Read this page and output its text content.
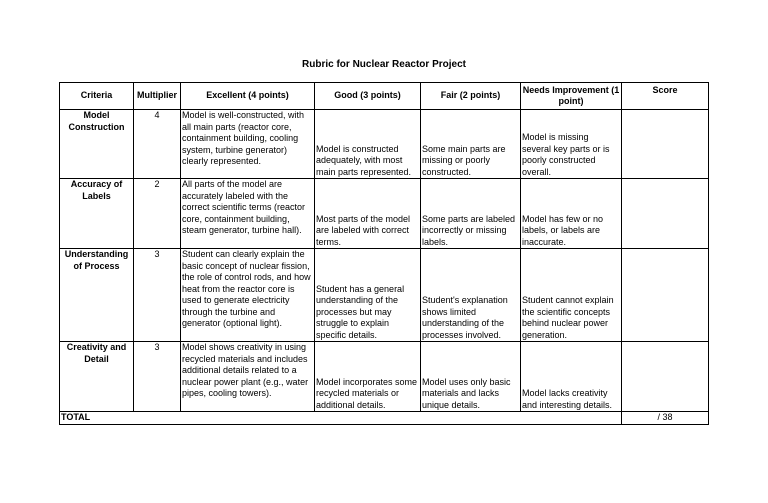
Rubric for Nuclear Reactor Project
Criteria	Multiplier	Excellent (4 points)	Good (3 points)	Fair (2 points)	Needs Improvement (1 point)	Score
Model Construction	4	Model is well-constructed, with all main parts (reactor core, containment building, cooling system, turbine generator) clearly represented.	Model is constructed adequately, with most main parts represented.	Some main parts are missing or poorly constructed.	Model is missing several key parts or is poorly constructed overall.	
Accuracy of Labels	2	All parts of the model are accurately labeled with the correct scientific terms (reactor core, containment building, steam generator, turbine hall).	Most parts of the model are labeled with correct terms.	Some parts are labeled incorrectly or missing labels.	Model has few or no labels, or labels are inaccurate.	
Understanding of Process	3	Student can clearly explain the basic concept of nuclear fission, the role of control rods, and how heat from the reactor core is used to generate electricity through the turbine and generator (optional light).	Student has a general understanding of the processes but may struggle to explain specific details.	Student's explanation shows limited understanding of the processes involved.	Student cannot explain the scientific concepts behind nuclear power generation.	
Creativity and Detail	3	Model shows creativity in using recycled materials and includes additional details related to a nuclear power plant (e.g., water pipes, cooling towers).	Model incorporates some recycled materials or additional details.	Model uses only basic materials and lacks unique details.	Model lacks creativity and interesting details.	
TOTAL						/ 38
